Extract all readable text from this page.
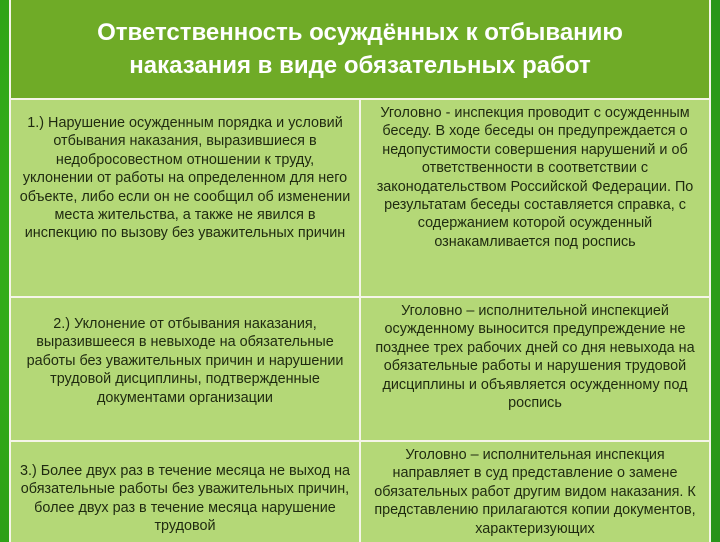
Ответственность осуждённых к отбыванию наказания в виде обязательных работ
1.) Нарушение осужденным порядка и условий отбывания наказания, выразившиеся в недобросовестном отношении к труду, уклонении от работы на определенном для него объекте, либо если он не сообщил об изменении места жительства, а также не явился в инспекцию по вызову без уважительных причин
Уголовно - инспекция проводит с осужденным беседу. В ходе беседы он предупреждается о недопустимости совершения нарушений и об ответственности в соответствии с законодательством Российской Федерации. По результатам беседы составляется справка, с содержанием которой осужденный ознакамливается под роспись
2.) Уклонение от отбывания наказания, выразившееся в невыходе на обязательные работы без уважительных причин и нарушении трудовой дисциплины, подтвержденные документами организации
Уголовно – исполнительной инспекцией осужденному выносится предупреждение не позднее трех рабочих дней со дня невыхода на обязательные работы и нарушения трудовой дисциплины и объявляется осужденному под роспись
3.) Более двух раз в течение месяца не выход на обязательные работы без уважительных причин, более двух раз в течение месяца нарушение трудовой
Уголовно – исполнительная инспекция направляет в суд представление о замене обязательных работ другим видом наказания. К представлению прилагаются копии документов, характеризующих
